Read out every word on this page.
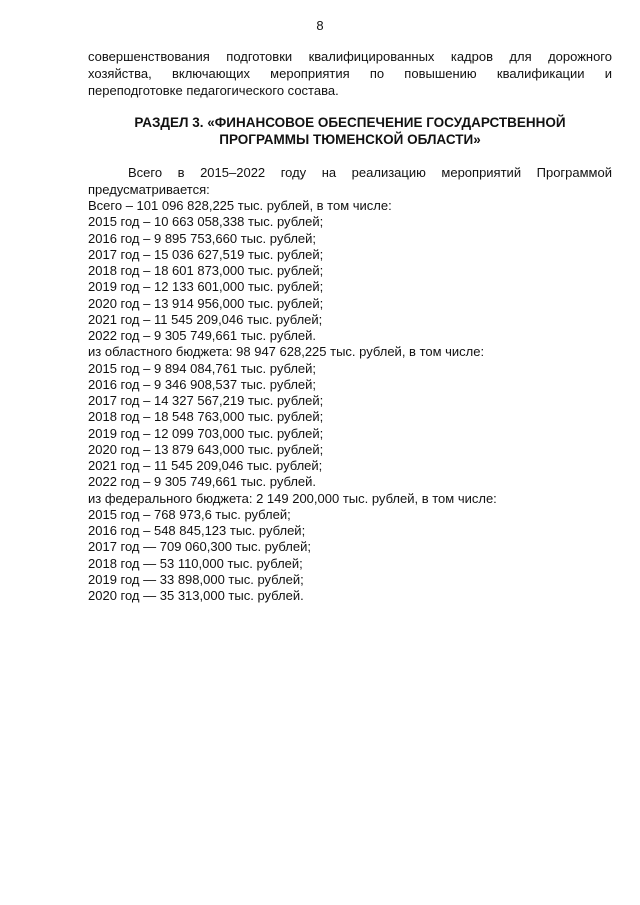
8
совершенствования подготовки квалифицированных кадров для дорожного
хозяйства, включающих мероприятия по повышению квалификации и
переподготовке педагогического состава.
РАЗДЕЛ 3. «ФИНАНСОВОЕ ОБЕСПЕЧЕНИЕ ГОСУДАРСТВЕННОЙ
ПРОГРАММЫ ТЮМЕНСКОЙ ОБЛАСТИ»
Всего в 2015–2022 году на реализацию мероприятий Программой
предусматривается:
Всего – 101 096 828,225 тыс. рублей, в том числе:
2015 год – 10 663 058,338 тыс. рублей;
2016 год – 9 895 753,660 тыс. рублей;
2017 год – 15 036 627,519 тыс. рублей;
2018 год – 18 601 873,000 тыс. рублей;
2019 год – 12 133 601,000 тыс. рублей;
2020 год – 13 914 956,000 тыс. рублей;
2021 год – 11 545 209,046 тыс. рублей;
2022 год – 9 305 749,661 тыс. рублей.
из областного бюджета: 98 947 628,225 тыс. рублей, в том числе:
2015 год – 9 894 084,761 тыс. рублей;
2016 год – 9 346 908,537 тыс. рублей;
2017 год – 14 327 567,219 тыс. рублей;
2018 год – 18 548 763,000 тыс. рублей;
2019 год – 12 099 703,000 тыс. рублей;
2020 год – 13 879 643,000 тыс. рублей;
2021 год – 11 545 209,046 тыс. рублей;
2022 год – 9 305 749,661 тыс. рублей.
из федерального бюджета: 2 149 200,000 тыс. рублей, в том числе:
2015 год – 768 973,6 тыс. рублей;
2016 год – 548 845,123 тыс. рублей;
2017 год — 709 060,300 тыс. рублей;
2018 год — 53 110,000 тыс. рублей;
2019 год — 33 898,000 тыс. рублей;
2020 год — 35 313,000 тыс. рублей.
